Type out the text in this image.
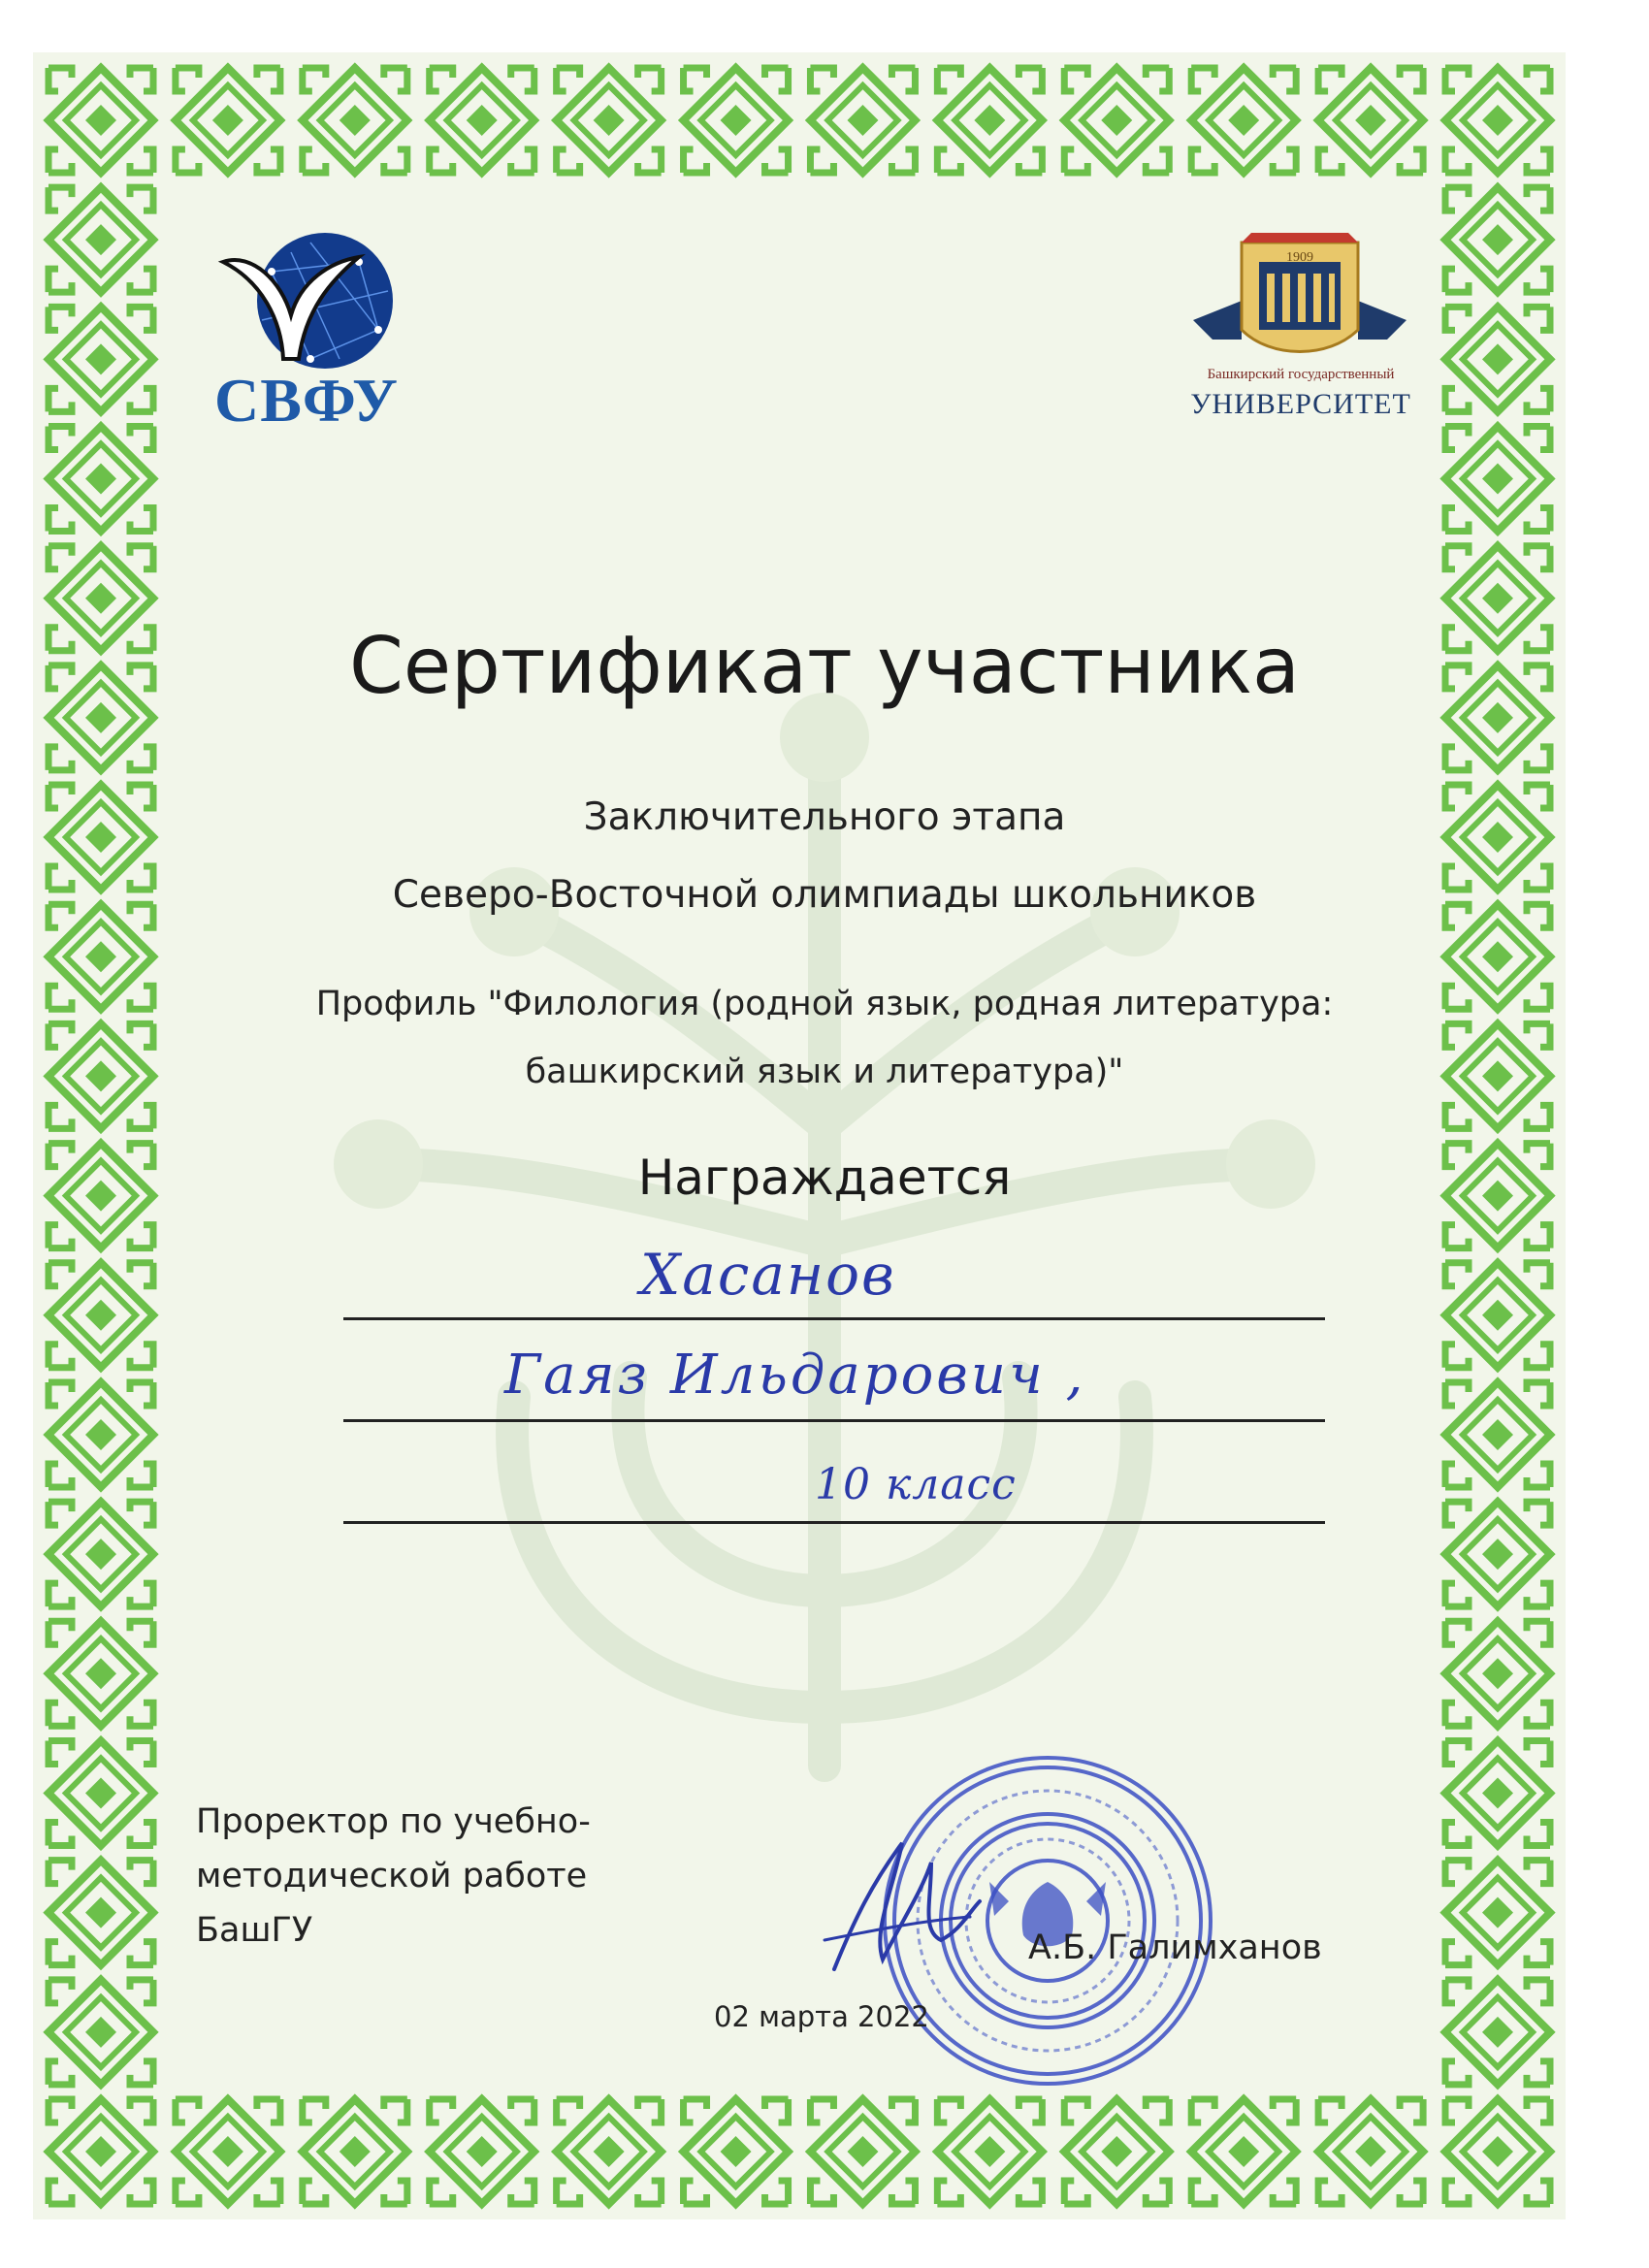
СВФУ
1909
Башкирский государственный
УНИВЕРСИТЕТ
Сертификат участника
Заключительного этапа
Северо-Восточной олимпиады школьников
Профиль "Филология (родной язык, родная литература:
башкирский язык и литература)"
Награждается
Хасанов
Гаяз Ильдарович ,
10 класс
Проректор по учебно-
методической работе
БашГУ	А.Б. Галимханов
02 марта 2022
